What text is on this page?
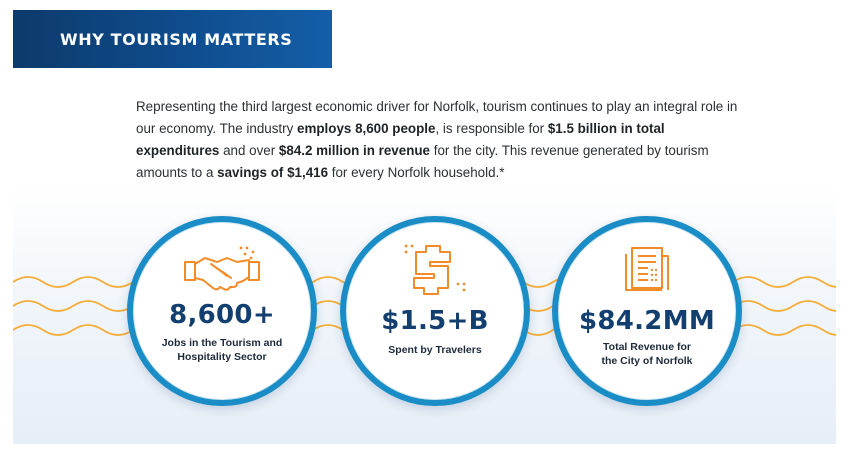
WHY TOURISM MATTERS

Representing the third largest economic driver for Norfolk, tourism continues to play an integral role in our economy. The industry employs 8,600 people, is responsible for $1.5 billion in total expenditures and over $84.2 million in revenue for the city. This revenue generated by tourism amounts to a savings of $1,416 for every Norfolk household.*

8,600+
Jobs in the Tourism and
Hospitality Sector
$1.5+B
Spent by Travelers
$84.2MM
Total Revenue for
the City of Norfolk
